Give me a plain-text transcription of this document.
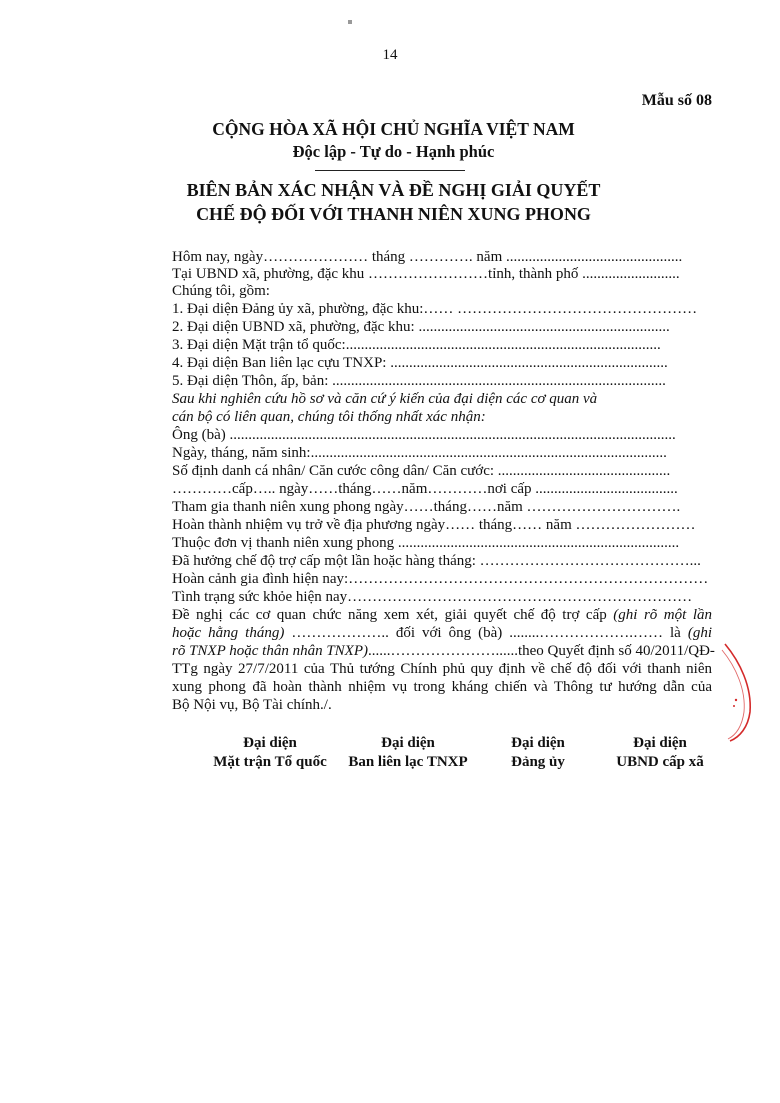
14
Mẫu số 08
CỘNG HÒA XÃ HỘI CHỦ NGHĨA VIỆT NAM
Độc lập - Tự do - Hạnh phúc
BIÊN BẢN XÁC NHẬN VÀ ĐỀ NGHỊ GIẢI QUYẾT
CHẾ ĐỘ ĐỐI VỚI THANH NIÊN XUNG PHONG
Hôm nay, ngày………………… tháng …………. năm ...............................................
Tại UBND xã, phường, đặc khu ……………………tỉnh, thành phố ..........................
Chúng tôi, gồm:
1. Đại diện Đảng ủy xã, phường, đặc khu:…… …………………………………………
2. Đại diện UBND xã, phường, đặc khu: ...................................................................
3. Đại diện Mặt trận tổ quốc:....................................................................................
4. Đại diện Ban liên lạc cựu TNXP: ..........................................................................
5. Đại diện Thôn, ấp, bản: .........................................................................................
Sau khi nghiên cứu hồ sơ và căn cứ ý kiến của đại diện các cơ quan và
cán bộ có liên quan, chúng tôi thống nhất xác nhận:
Ông (bà) .......................................................................................................................
Ngày, tháng, năm sinh:...............................................................................................
Số định danh cá nhân/ Căn cước công dân/ Căn cước: ..............................................
…………cấp….. ngày……tháng……năm…………nơi cấp ......................................
Tham gia thanh niên xung phong ngày……tháng……năm ………………………….
Hoàn thành nhiệm vụ trở về địa phương ngày…… tháng…… năm ……………………
Thuộc đơn vị thanh niên xung phong ...........................................................................
Đã hưởng chế độ trợ cấp một lần hoặc hàng tháng: ……………………………………...
Hoàn cảnh gia đình hiện nay:………………………………………………………………
Tình trạng sức khỏe hiện nay……………………………………………………………
Đề nghị các cơ quan chức năng xem xét, giải quyết chế độ trợ cấp (ghi rõ một lần
hoặc hằng tháng) ……………….. đối với ông (bà) ........……………….…… là (ghi
rõ TNXP hoặc thân nhân TNXP)......…………………......theo Quyết định số 40/2011/QĐ-
TTg ngày 27/7/2011 của Thủ tướng Chính phủ quy định về chế độ đối với thanh niên
xung phong đã hoàn thành nhiệm vụ trong kháng chiến và Thông tư hướng dẫn của
Bộ Nội vụ, Bộ Tài chính./.
Đại diện
Mặt trận Tổ quốc
Đại diện
Ban liên lạc TNXP
Đại diện
Đảng ủy
Đại diện
UBND cấp xã
